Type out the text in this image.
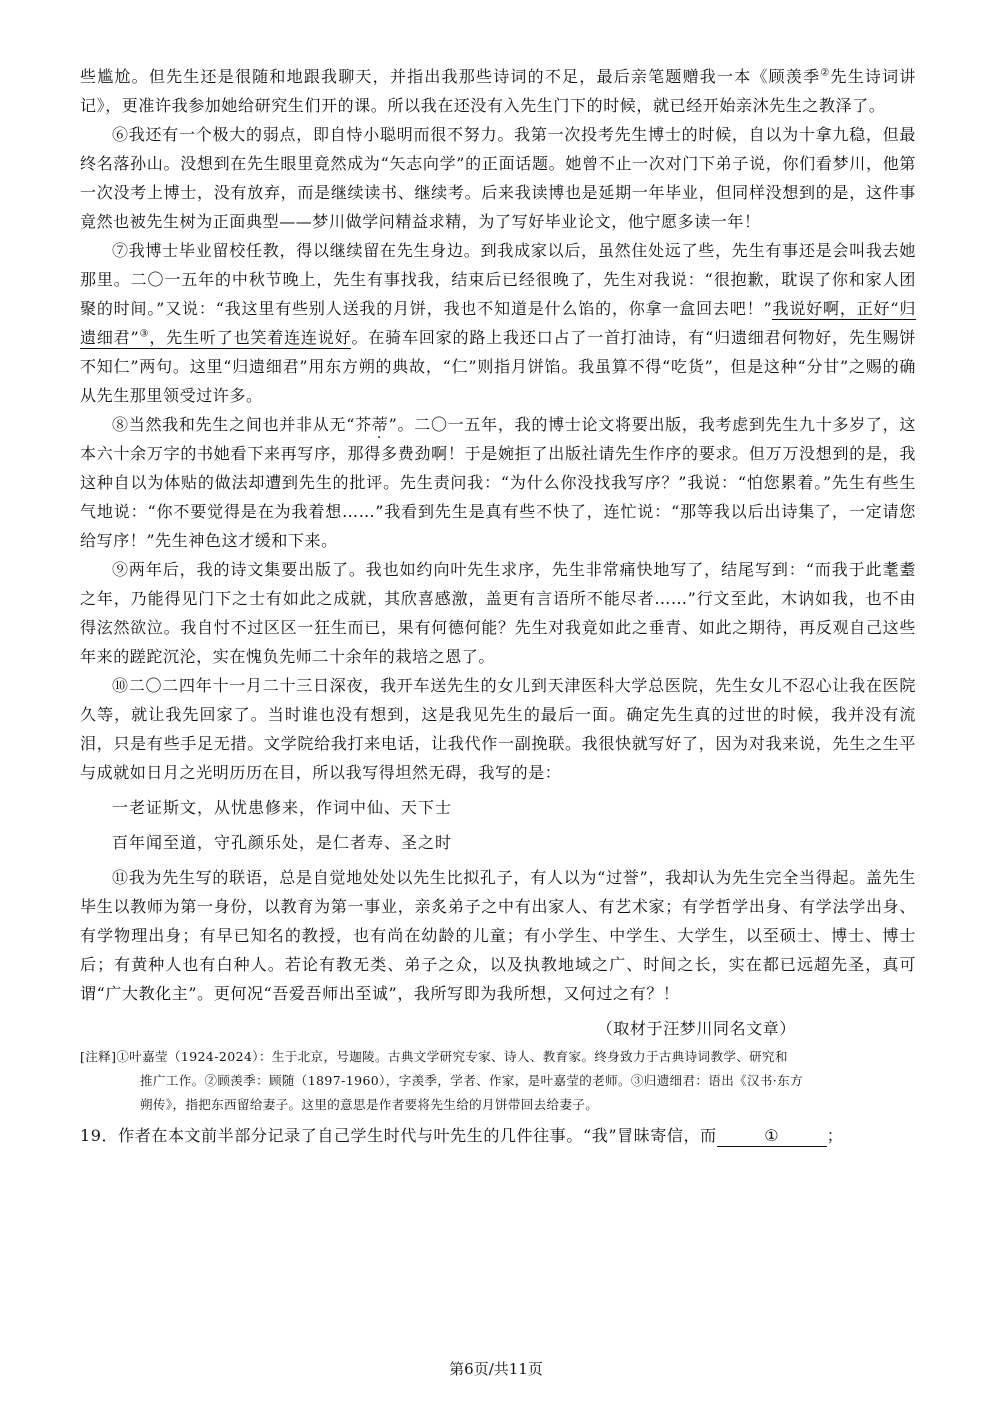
些尴尬。但先生还是很随和地跟我聊天，并指出我那些诗词的不足，最后亲笔题赠我一本《顾羡季②先生诗词讲记》，更准许我参加她给研究生们开的课。所以我在还没有入先生门下的时候，就已经开始亲沐先生之教泽了。

⑥我还有一个极大的弱点，即自恃小聪明而很不努力。我第一次投考先生博士的时候，自以为十拿九稳，但最终名落孙山。没想到在先生眼里竟然成为“矢志向学”的正面话题。她曾不止一次对门下弟子说，你们看梦川，他第一次没考上博士，没有放弃，而是继续读书、继续考。后来我读博也是延期一年毕业，但同样没想到的是，这件事竟然也被先生树为正面典型——梦川做学问精益求精，为了写好毕业论文，他宁愿多读一年！

⑦我博士毕业留校任教，得以继续留在先生身边。到我成家以后，虽然住处远了些，先生有事还是会叫我去她那里。二〇一五年的中秋节晚上，先生有事找我，结束后已经很晚了，先生对我说：“很抱歉，耽误了你和家人团聚的时间。”又说：“我这里有些别人送我的月饼，我也不知道是什么馅的，你拿一盒回去吧！”我说好啊，正好“归遗细君”③，先生听了也笑着连连说好。在骑车回家的路上我还口占了一首打油诗，有“归遗细君何物好，先生赐饼不知仁”两句。这里“归遗细君”用东方朔的典故，“仁”则指月饼馅。我虽算不得“吃货”，但是这种“分甘”之赐的确从先生那里领受过许多。

⑧当然我和先生之间也并非从无“芥蒂”。二〇一五年，我的博士论文将要出版，我考虑到先生九十多岁了，这本六十余万字的书她看下来再写序，那得多费劲啊！于是婉拒了出版社请先生作序的要求。但万万没想到的是，我这种自以为体贴的做法却遭到先生的批评。先生责问我：“为什么你没找我写序？”我说：“怕您累着。”先生有些生气地说：“你不要觉得是在为我着想……”我看到先生是真有些不快了，连忙说：“那等我以后出诗集了，一定请您给写序！”先生神色这才缓和下来。

⑨两年后，我的诗文集要出版了。我也如约向叶先生求序，先生非常痛快地写了，结尾写到：“而我于此耄耋之年，乃能得见门下之士有如此之成就，其欣喜感激，盖更有言语所不能尽者……”行文至此，木讷如我，也不由得泫然欲泣。我自忖不过区区一狂生而已，果有何德何能？先生对我竟如此之垂青、如此之期待，再反观自己这些年来的蹉跎沉沦，实在愧负先师二十余年的栽培之恩了。

⑩二〇二四年十一月二十三日深夜，我开车送先生的女儿到天津医科大学总医院，先生女儿不忍心让我在医院久等，就让我先回家了。当时谁也没有想到，这是我见先生的最后一面。确定先生真的过世的时候，我并没有流泪，只是有些手足无措。文学院给我打来电话，让我代作一副挽联。我很快就写好了，因为对我来说，先生之生平与成就如日月之光明历历在目，所以我写得坦然无碍，我写的是：

一老证斯文，从忧患修来，作词中仙、天下士

百年闻至道，守孔颜乐处，是仁者寿、圣之时

⑪我为先生写的联语，总是自觉地处处以先生比拟孔子，有人以为“过誉”，我却认为先生完全当得起。盖先生毕生以教师为第一身份，以教育为第一事业，亲炙弟子之中有出家人、有艺术家；有学哲学出身、有学法学出身、有学物理出身；有早已知名的教授，也有尚在幼龄的儿童；有小学生、中学生、大学生，以至硕士、博士、博士后；有黄种人也有白种人。若论有教无类、弟子之众，以及执教地域之广、时间之长，实在都已远超先圣，真可谓“广大教化主”。更何况“吾爱吾师出至诚”，我所写即为我所想，又何过之有？！

（取材于汪梦川同名文章）
[注释]①叶嘉莹（1924-2024）：生于北京，号迦陵。古典文学研究专家、诗人、教育家。终身致力于古典诗词教学、研究和
推广工作。②顾羡季：顾随（1897-1960），字羡季，学者、作家，是叶嘉莹的老师。③归遗细君：语出《汉书·东方
朔传》，指把东西留给妻子。这里的意思是作者要将先生给的月饼带回去给妻子。
19．作者在本文前半部分记录了自己学生时代与叶先生的几件往事。“我”冒昧寄信，而	①	；
第6页/共11页
